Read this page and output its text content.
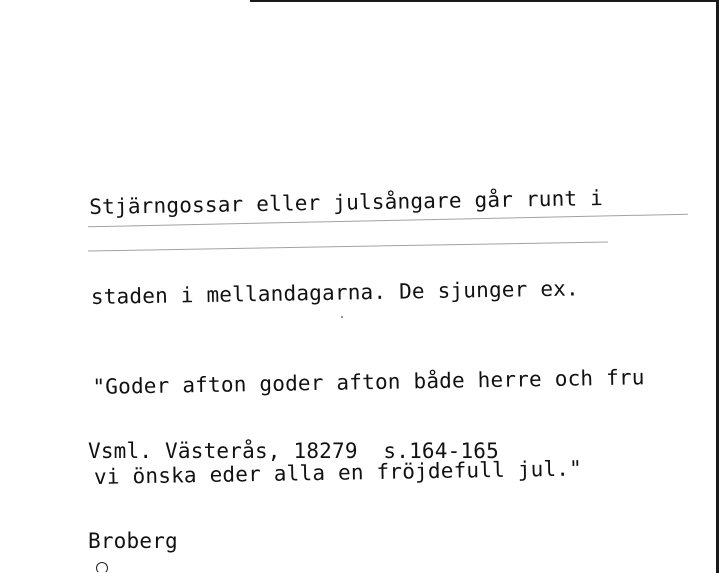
Stjärngossar eller julsångare går runt i

staden i mellandagarna. De sjunger ex.

"Goder afton goder afton både herre och fru

vi önska eder alla en fröjdefull jul."

Vsml. Västerås, 18279  s.164-165

Broberg
